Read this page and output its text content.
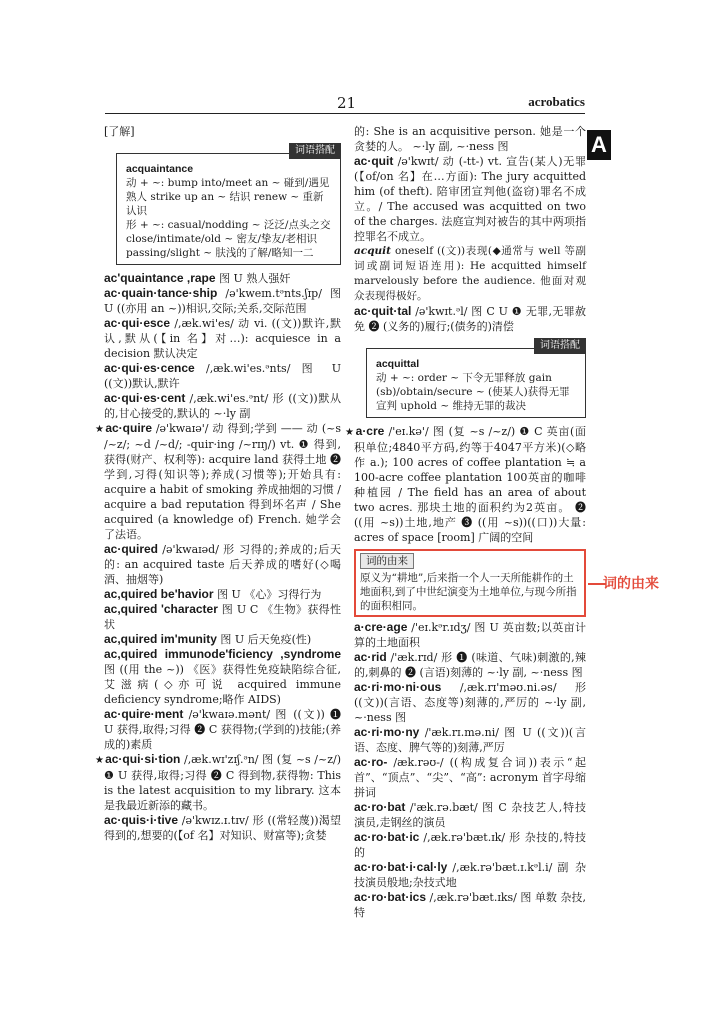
21	acrobatics
A

[了解]

词语搭配
acquaintance
动 + ~: bump into/meet an ~ 碰到/遇见熟人 strike up an ~ 结识 renew ~ 重新认识
形 + ~: casual/nodding ~ 泛泛/点头之交 close/intimate/old ~ 密友/挚友/老相识 passing/slight ~ 肤浅的了解/略知一二

ac'quaintance ,rape 图 U 熟人强奸

ac·quain·tance·ship /ə'kweɪn.tᵊnts.ʃɪp/ 图 U ((亦用 an ~))相识,交际;关系,交际范围

ac·qui·esce /,æk.wi'es/ 动 vi. ((文))默许,默认,默从(【in 名】对…): acquiesce in a decision 默认决定

ac·qui·es·cence /,æk.wi'es.ᵊnts/ 图 U ((文))默认,默许

ac·qui·es·cent /,æk.wi'es.ᵊnt/ 形 ((文))默从的,甘心接受的,默认的 ~·ly 副

★ac·quire /ə'kwaɪə'/ 动 得到;学到 —— 动 (~s /~z/; ~d /~d/; -quir·ing /~rɪŋ/) vt. ❶ 得到,获得(财产、权利等): acquire land 获得土地 ❷ 学到,习得(知识等);养成(习惯等);开始具有: acquire a habit of smoking 养成抽烟的习惯 / acquire a bad reputation 得到坏名声 / She acquired (a knowledge of) French. 她学会了法语。

ac·quired /ə'kwaɪəd/ 形 习得的;养成的;后天的: an acquired taste 后天养成的嗜好(◇喝酒、抽烟等)

ac,quired be'havior 图 U 《心》习得行为

ac,quired 'character 图 U C 《生物》获得性状

ac,quired im'munity 图 U 后天免疫(性)

ac,quired immunode'ficiency ,syndrome 图 ((用 the ~)) 《医》获得性免疫缺陷综合征,艾滋病(◇亦可说 acquired immune deficiency syndrome;略作 AIDS)

ac·quire·ment /ə'kwaɪə.mənt/ 图 ((文)) ❶ U 获得,取得;习得 ❷ C 获得物;(学到的)技能;(养成的)素质

★ac·qui·si·tion /,æk.wɪ'zɪʃ.ᵊn/ 图 (复 ~s /~z/) ❶ U 获得,取得;习得 ❷ C 得到物,获得物: This is the latest acquisition to my library. 这本是我最近新添的藏书。

ac·quis·i·tive /ə'kwɪz.ɪ.tɪv/ 形 ((常轻蔑))渴望得到的,想要的(【of 名】对知识、财富等);贪婪

的: She is an acquisitive person. 她是一个贪婪的人。 ~·ly 副, ~·ness 图

ac·quit /ə'kwɪt/ 动 (-tt-) vt. 宣告(某人)无罪(【of/on 名】在…方面): The jury acquitted him (of theft). 陪审团宣判他(盗窃)罪名不成立。/ The accused was acquitted on two of the charges. 法庭宣判对被告的其中两项指控罪名不成立。

acquit oneself ((文))表现(◆通常与 well 等副词或副词短语连用): He acquitted himself marvelously before the audience. 他面对观众表现得极好。

ac·quit·tal /ə'kwɪt.ᵊl/ 图 C U ❶ 无罪,无罪赦免 ❷ (义务的)履行;(债务的)清偿

词语搭配
acquittal
动 + ~: order ~ 下令无罪释放 gain (sb)/obtain/secure ~ (使某人)获得无罪宣判 uphold ~ 维持无罪的裁决

★a·cre /'eɪ.kə'/ 图 (复 ~s /~z/) ❶ C 英亩(面积单位;4840平方码,约等于4047平方米)(◇略作 a.); 100 acres of coffee plantation ≒ a 100-acre coffee plantation 100英亩的咖啡种植园 / The field has an area of about two acres. 那块土地的面积约为2英亩。 ❷ ((用 ~s))土地,地产 ❸ ((用 ~s))((口))大量: acres of space [room] 广阔的空间

词的由来
原义为“耕地”,后来指一个人一天所能耕作的土地面积,到了中世纪演变为土地单位,与现今所指的面积相同。

a·cre·age /'eɪ.kᵊr.ɪdʒ/ 图 U 英亩数;以英亩计算的土地面积

ac·rid /'æk.rɪd/ 形 ❶ (味道、气味)刺激的,辣的,刺鼻的 ❷ (言语)刻薄的 ~·ly 副, ~·ness 图

ac·ri·mo·ni·ous /,æk.rɪ'məʊ.ni.əs/ 形 ((文))(言语、态度等)刻薄的,严厉的 ~·ly 副, ~·ness 图

ac·ri·mo·ny /'æk.rɪ.mə.ni/ 图 U ((文))(言语、态度、脾气等的)刻薄,严厉

ac·ro- /æk.rəʊ-/ ((构成复合词))表示“起首”、“顶点”、“尖”、“高”: acronym 首字母缩拼词

ac·ro·bat /'æk.rə.bæt/ 图 C 杂技艺人,特技演员,走钢丝的演员

ac·ro·bat·ic /,æk.rə'bæt.ɪk/ 形 杂技的,特技的

ac·ro·bat·i·cal·ly /,æk.rə'bæt.ɪ.kᵊl.i/ 副 杂技演员般地;杂技式地

ac·ro·bat·ics /,æk.rə'bæt.ɪks/ 图 单数 杂技,特

词的由来
